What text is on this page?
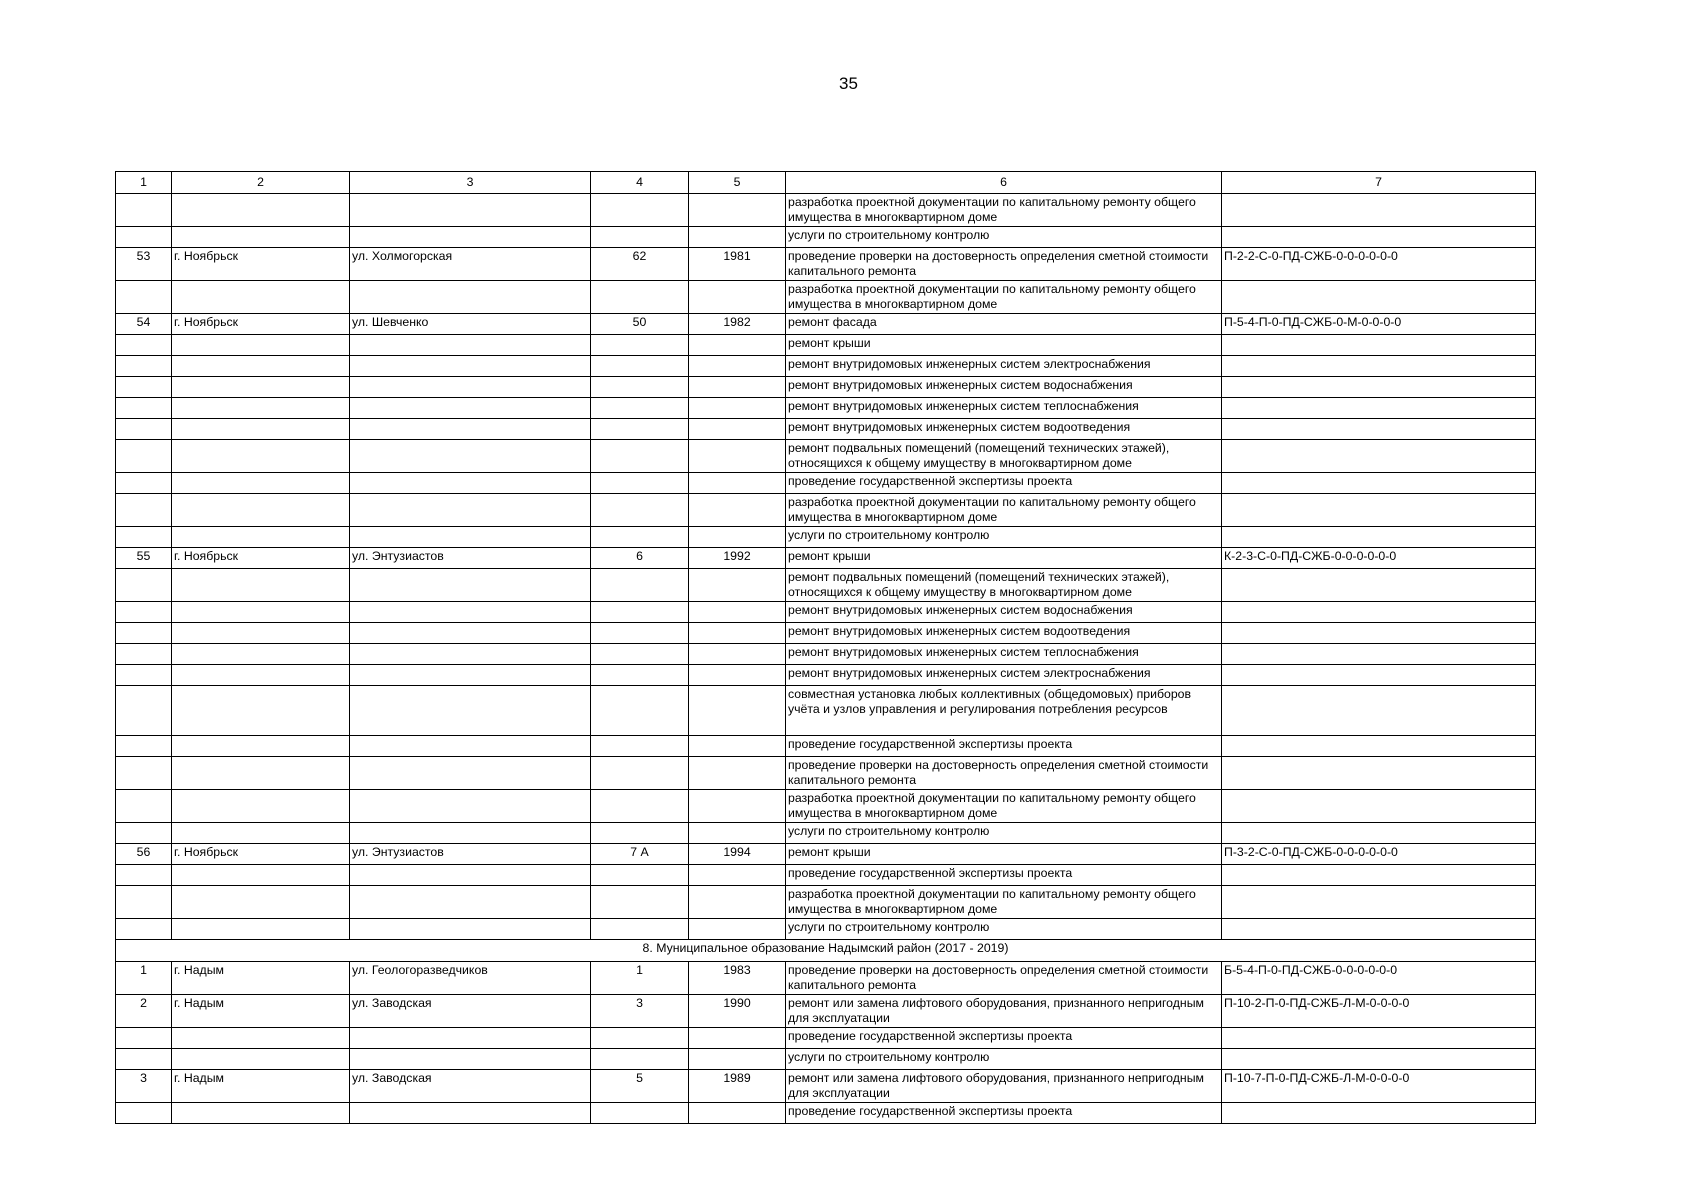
35
1	2	3	4	5	6	7
					разработка проектной документации по капитальному ремонту общего имущества в многоквартирном доме	
					услуги по строительному контролю	
53	г. Ноябрьск	ул. Холмогорская	62	1981	проведение проверки на достоверность определения сметной стоимости капитального ремонта	П-2-2-С-0-ПД-СЖБ-0-0-0-0-0-0
					разработка проектной документации по капитальному ремонту общего имущества в многоквартирном доме	
54	г. Ноябрьск	ул. Шевченко	50	1982	ремонт фасада	П-5-4-П-0-ПД-СЖБ-0-М-0-0-0-0
					ремонт крыши	
					ремонт внутридомовых инженерных систем электроснабжения	
					ремонт внутридомовых инженерных систем водоснабжения	
					ремонт внутридомовых инженерных систем теплоснабжения	
					ремонт внутридомовых инженерных систем водоотведения	
					ремонт подвальных помещений (помещений технических этажей), относящихся к общему имуществу в многоквартирном доме	
					проведение государственной экспертизы проекта	
					разработка проектной документации по капитальному ремонту общего имущества в многоквартирном доме	
					услуги по строительному контролю	
55	г. Ноябрьск	ул. Энтузиастов	6	1992	ремонт крыши	К-2-3-С-0-ПД-СЖБ-0-0-0-0-0-0
					ремонт подвальных помещений (помещений технических этажей), относящихся к общему имуществу в многоквартирном доме	
					ремонт внутридомовых инженерных систем водоснабжения	
					ремонт внутридомовых инженерных систем водоотведения	
					ремонт внутридомовых инженерных систем теплоснабжения	
					ремонт внутридомовых инженерных систем электроснабжения	
					совместная установка любых коллективных (общедомовых) приборов учёта и узлов управления и регулирования потребления ресурсов	
					проведение государственной экспертизы проекта	
					проведение проверки на достоверность определения сметной стоимости капитального ремонта	
					разработка проектной документации по капитальному ремонту общего имущества в многоквартирном доме	
					услуги по строительному контролю	
56	г. Ноябрьск	ул. Энтузиастов	7 А	1994	ремонт крыши	П-3-2-С-0-ПД-СЖБ-0-0-0-0-0-0
					проведение государственной экспертизы проекта	
					разработка проектной документации по капитальному ремонту общего имущества в многоквартирном доме	
					услуги по строительному контролю	
8. Муниципальное образование Надымский район (2017 - 2019)						
1	г. Надым	ул. Геологоразведчиков	1	1983	проведение проверки на достоверность определения сметной стоимости капитального ремонта	Б-5-4-П-0-ПД-СЖБ-0-0-0-0-0-0
2	г. Надым	ул. Заводская	3	1990	ремонт или замена лифтового оборудования, признанного непригодным для эксплуатации	П-10-2-П-0-ПД-СЖБ-Л-М-0-0-0-0
					проведение государственной экспертизы проекта	
					услуги по строительному контролю	
3	г. Надым	ул. Заводская	5	1989	ремонт или замена лифтового оборудования, признанного непригодным для эксплуатации	П-10-7-П-0-ПД-СЖБ-Л-М-0-0-0-0
					проведение государственной экспертизы проекта	
